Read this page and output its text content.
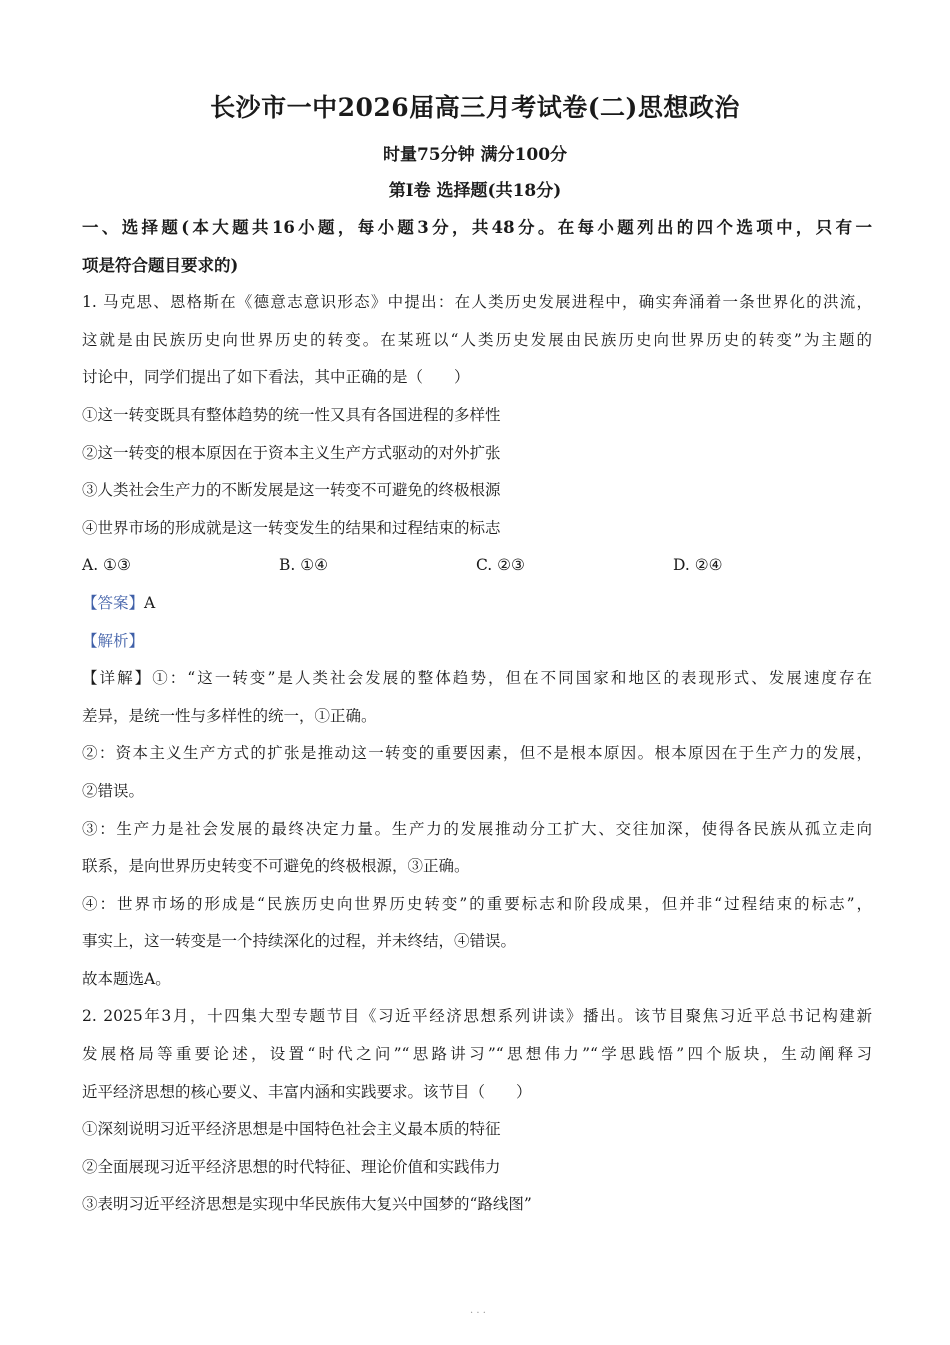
长沙市一中2026届高三月考试卷(二)思想政治
时量75分钟 满分100分
第Ⅰ卷 选择题(共18分)
一、选择题(本大题共16小题，每小题3分，共48分。在每小题列出的四个选项中，只有一
项是符合题目要求的)
1. 马克思、恩格斯在《德意志意识形态》中提出：在人类历史发展进程中，确实奔涌着一条世界化的洪流，
这就是由民族历史向世界历史的转变。在某班以“人类历史发展由民族历史向世界历史的转变”为主题的
讨论中，同学们提出了如下看法，其中正确的是（　　）
①这一转变既具有整体趋势的统一性又具有各国进程的多样性
②这一转变的根本原因在于资本主义生产方式驱动的对外扩张
③人类社会生产力的不断发展是这一转变不可避免的终极根源
④世界市场的形成就是这一转变发生的结果和过程结束的标志
A. ①③	B. ①④	C. ②③	D. ②④
【答案】A
【解析】
【详解】①：“这一转变”是人类社会发展的整体趋势，但在不同国家和地区的表现形式、发展速度存在
差异，是统一性与多样性的统一，①正确。
②：资本主义生产方式的扩张是推动这一转变的重要因素，但不是根本原因。根本原因在于生产力的发展，
②错误。
③：生产力是社会发展的最终决定力量。生产力的发展推动分工扩大、交往加深，使得各民族从孤立走向
联系，是向世界历史转变不可避免的终极根源，③正确。
④：世界市场的形成是“民族历史向世界历史转变”的重要标志和阶段成果，但并非“过程结束的标志”，
事实上，这一转变是一个持续深化的过程，并未终结，④错误。
故本题选A。
2. 2025年3月，十四集大型专题节目《习近平经济思想系列讲读》播出。该节目聚焦习近平总书记构建新
发展格局等重要论述，设置“时代之问”“思路讲习”“思想伟力”“学思践悟”四个版块，生动阐释习
近平经济思想的核心要义、丰富内涵和实践要求。该节目（　　）
①深刻说明习近平经济思想是中国特色社会主义最本质的特征
②全面展现习近平经济思想的时代特征、理论价值和实践伟力
③表明习近平经济思想是实现中华民族伟大复兴中国梦的“路线图”
· · ·
